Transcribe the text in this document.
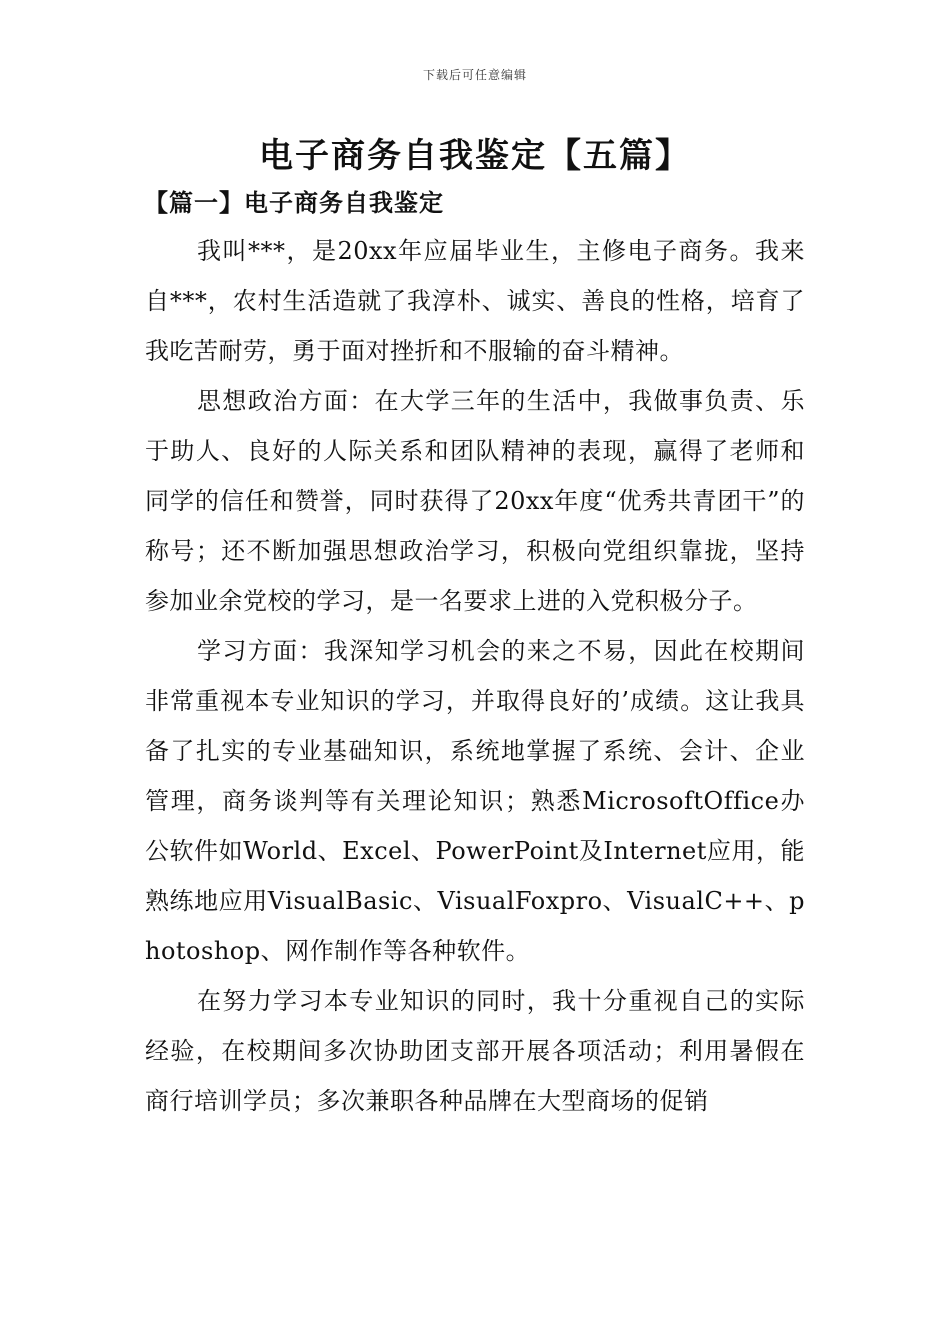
下载后可任意编辑
电子商务自我鉴定【五篇】
【篇一】电子商务自我鉴定

我叫***，是20xx年应届毕业生，主修电子商务。我来自***，农村生活造就了我淳朴、诚实、善良的性格，培育了我吃苦耐劳，勇于面对挫折和不服输的奋斗精神。

思想政治方面：在大学三年的生活中，我做事负责、乐于助人、良好的人际关系和团队精神的表现，赢得了老师和同学的信任和赞誉，同时获得了20xx年度“优秀共青团干”的称号；还不断加强思想政治学习，积极向党组织靠拢，坚持参加业余党校的学习，是一名要求上进的入党积极分子。

学习方面：我深知学习机会的来之不易，因此在校期间非常重视本专业知识的学习，并取得良好的’成绩。这让我具备了扎实的专业基础知识，系统地掌握了系统、会计、企业管理，商务谈判等有关理论知识；熟悉MicrosoftOffice办公软件如World、Excel、PowerPoint及Internet应用，能熟练地应用VisualBasic、VisualFoxpro、VisualC++、photoshop、网作制作等各种软件。

在努力学习本专业知识的同时，我十分重视自己的实际经验，在校期间多次协助团支部开展各项活动；利用暑假在商行培训学员；多次兼职各种品牌在大型商场的促销
